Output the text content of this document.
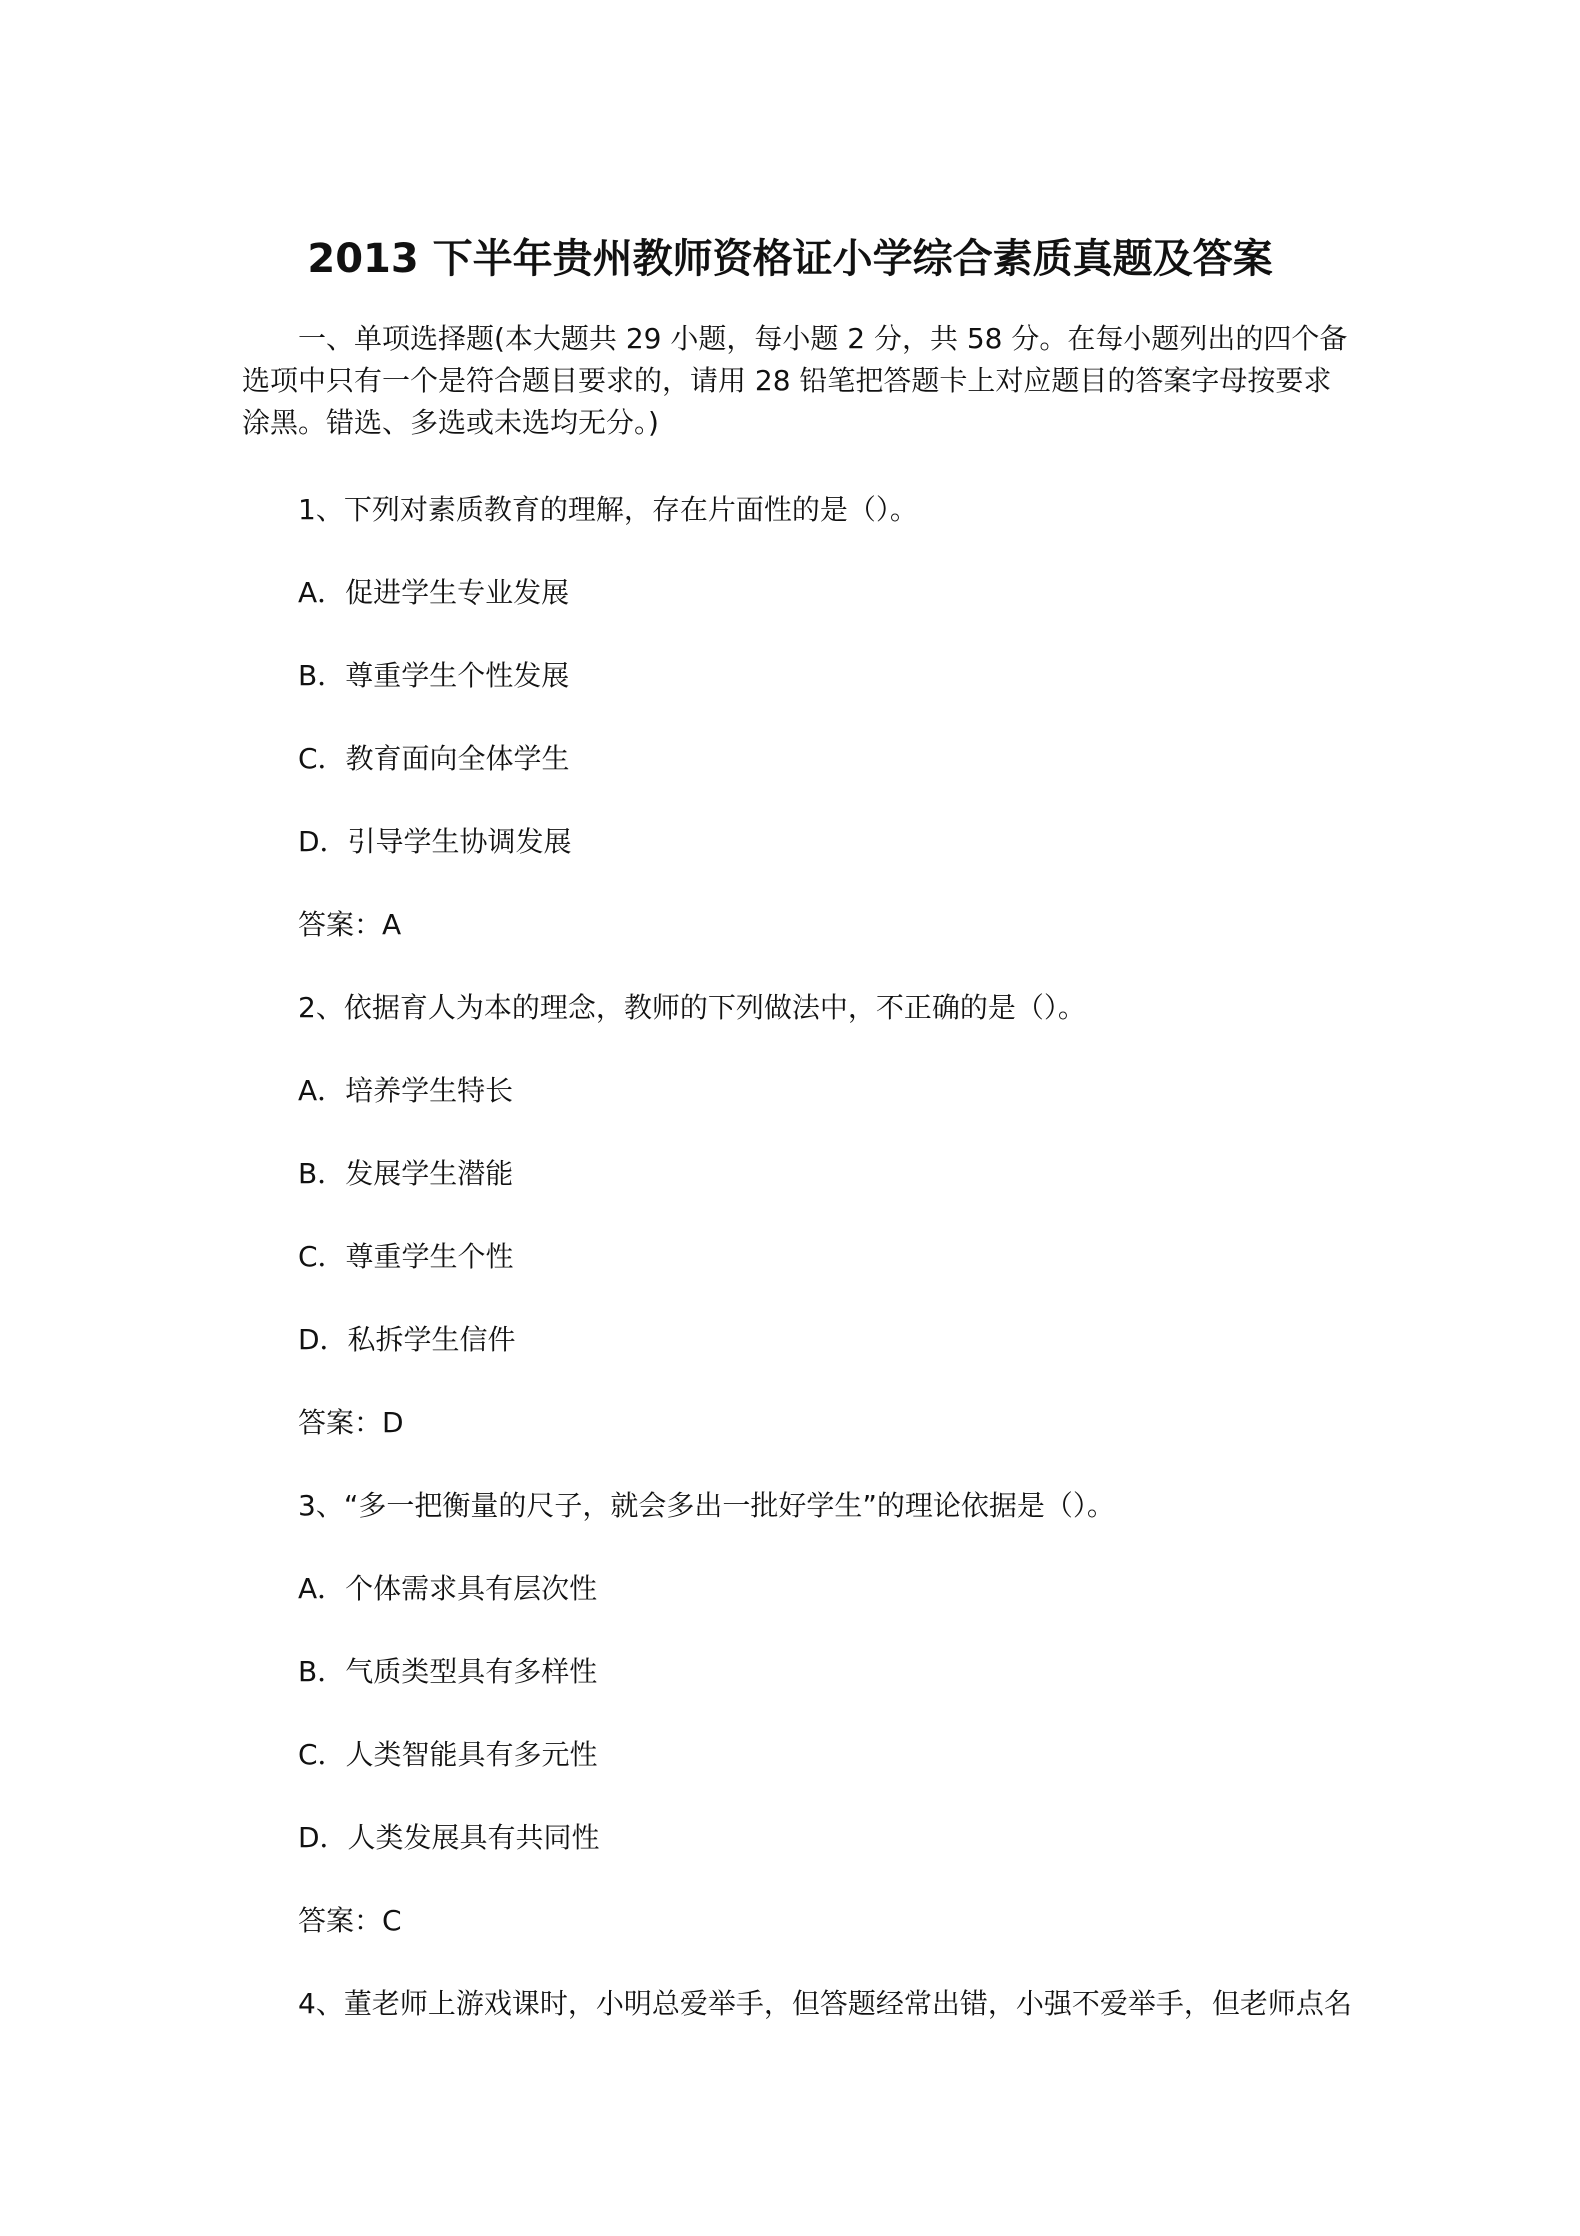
2013 下半年贵州教师资格证小学综合素质真题及答案

一、单项选择题(本大题共 29 小题，每小题 2 分，共 58 分。在每小题列出的四个备选项中只有一个是符合题目要求的，请用 28 铅笔把答题卡上对应题目的答案字母按要求涂黑。错选、多选或未选均无分。)

1、下列对素质教育的理解，存在片面性的是（）。

A．促进学生专业发展

B．尊重学生个性发展

C．教育面向全体学生

D．引导学生协调发展

答案：A

2、依据育人为本的理念，教师的下列做法中，不正确的是（）。

A．培养学生特长

B．发展学生潜能

C．尊重学生个性

D．私拆学生信件

答案：D

3、“多一把衡量的尺子，就会多出一批好学生”的理论依据是（）。

A．个体需求具有层次性

B．气质类型具有多样性

C．人类智能具有多元性

D．人类发展具有共同性

答案：C

4、董老师上游戏课时，小明总爱举手，但答题经常出错，小强不爱举手，但老师点名
